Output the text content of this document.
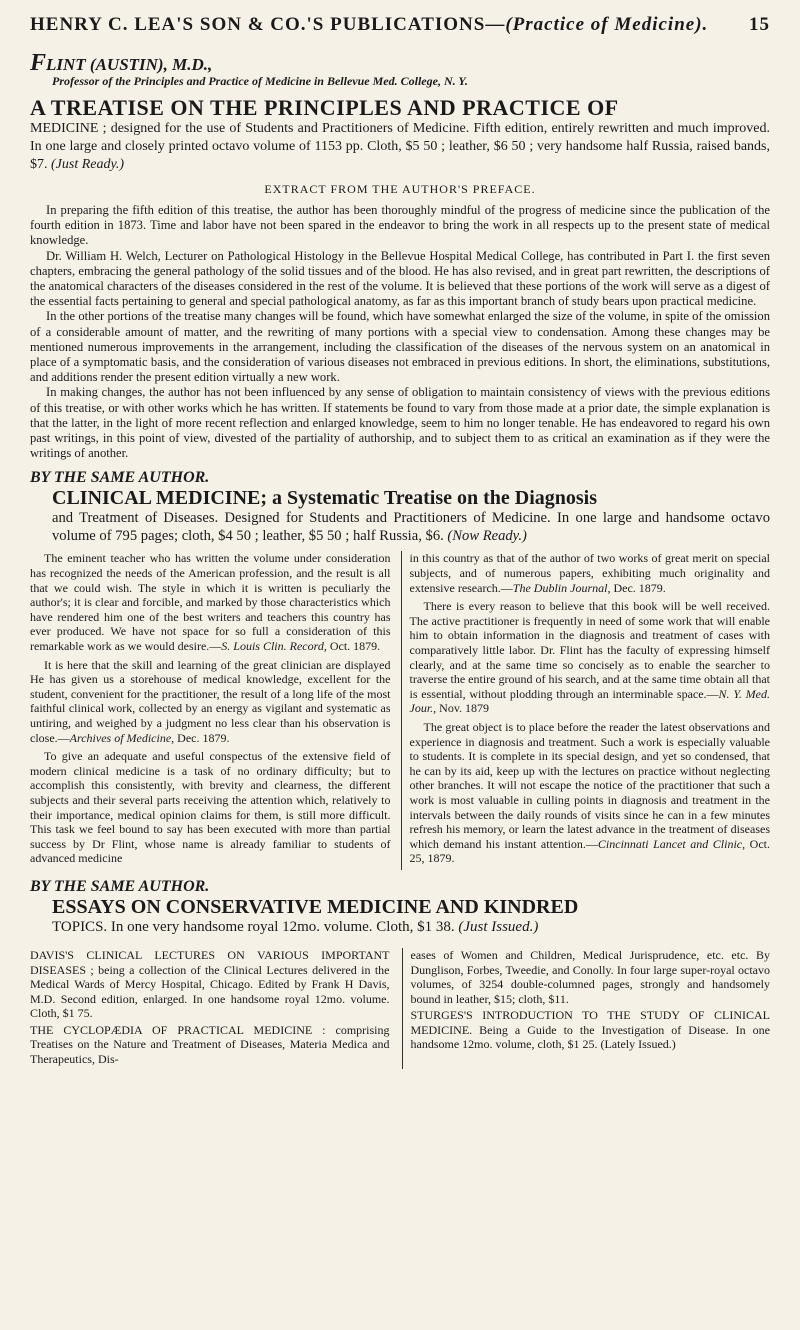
HENRY C. LEA'S SON & CO.'S PUBLICATIONS—(Practice of Medicine). 15

FLINT (AUSTIN), M.D.,

Professor of the Principles and Practice of Medicine in Bellevue Med. College, N. Y.

A TREATISE ON THE PRINCIPLES AND PRACTICE OF

MEDICINE ; designed for the use of Students and Practitioners of Medicine. Fifth edition, entirely rewritten and much improved. In one large and closely printed octavo volume of 1153 pp. Cloth, $5 50 ; leather, $6 50 ; very handsome half Russia, raised bands, $7. (Just Ready.)

EXTRACT FROM THE AUTHOR'S PREFACE.

In preparing the fifth edition of this treatise, the author has been thoroughly mindful of the progress of medicine since the publication of the fourth edition in 1873. Time and labor have not been spared in the endeavor to bring the work in all respects up to the present state of medical knowledge.

Dr. William H. Welch, Lecturer on Pathological Histology in the Bellevue Hospital Medical College, has contributed in Part I. the first seven chapters, embracing the general pathology of the solid tissues and of the blood. He has also revised, and in great part rewritten, the descriptions of the anatomical characters of the diseases considered in the rest of the volume. It is believed that these portions of the work will serve as a digest of the essential facts pertaining to general and special pathological anatomy, as far as this important branch of study bears upon practical medicine.

In the other portions of the treatise many changes will be found, which have somewhat enlarged the size of the volume, in spite of the omission of a considerable amount of matter, and the rewriting of many portions with a special view to condensation. Among these changes may be mentioned numerous improvements in the arrangement, including the classification of the diseases of the nervous system on an anatomical in place of a symptomatic basis, and the consideration of various diseases not embraced in previous editions. In short, the eliminations, substitutions, and additions render the present edition virtually a new work.

In making changes, the author has not been influenced by any sense of obligation to maintain consistency of views with the previous editions of this treatise, or with other works which he has written. If statements be found to vary from those made at a prior date, the simple explanation is that the latter, in the light of more recent reflection and enlarged knowledge, seem to him no longer tenable. He has endeavored to regard his own past writings, in this point of view, divested of the partiality of authorship, and to subject them to as critical an examination as if they were the writings of another.

BY THE SAME AUTHOR.

CLINICAL MEDICINE; a Systematic Treatise on the Diagnosis

and Treatment of Diseases. Designed for Students and Practitioners of Medicine. In one large and handsome octavo volume of 795 pages; cloth, $4 50 ; leather, $5 50 ; half Russia, $6. (Now Ready.)

The eminent teacher who has written the volume under consideration has recognized the needs of the American profession, and the result is all that we could wish. The style in which it is written is peculiarly the author's; it is clear and forcible, and marked by those characteristics which have rendered him one of the best writers and teachers this country has ever produced. We have not space for so full a consideration of this remarkable work as we would desire.—S. Louis Clin. Record, Oct. 1879.

It is here that the skill and learning of the great clinician are displayed He has given us a storehouse of medical knowledge, excellent for the student, convenient for the practitioner, the result of a long life of the most faithful clinical work, collected by an energy as vigilant and systematic as untiring, and weighed by a judgment no less clear than his observation is close.—Archives of Medicine, Dec. 1879.

To give an adequate and useful conspectus of the extensive field of modern clinical medicine is a task of no ordinary difficulty; but to accomplish this consistently, with brevity and clearness, the different subjects and their several parts receiving the attention which, relatively to their importance, medical opinion claims for them, is still more difficult. This task we feel bound to say has been executed with more than partial success by Dr Flint, whose name is already familiar to students of advanced medicine

in this country as that of the author of two works of great merit on special subjects, and of numerous papers, exhibiting much originality and extensive research.—The Dublin Journal, Dec. 1879.

There is every reason to believe that this book will be well received. The active practitioner is frequently in need of some work that will enable him to obtain information in the diagnosis and treatment of cases with comparatively little labor. Dr. Flint has the faculty of expressing himself clearly, and at the same time so concisely as to enable the searcher to traverse the entire ground of his search, and at the same time obtain all that is essential, without plodding through an interminable space.—N. Y. Med. Jour., Nov. 1879

The great object is to place before the reader the latest observations and experience in diagnosis and treatment. Such a work is especially valuable to students. It is complete in its special design, and yet so condensed, that he can by its aid, keep up with the lectures on practice without neglecting other branches. It will not escape the notice of the practitioner that such a work is most valuable in culling points in diagnosis and treatment in the intervals between the daily rounds of visits since he can in a few minutes refresh his memory, or learn the latest advance in the treatment of diseases which demand his instant attention.—Cincinnati Lancet and Clinic, Oct. 25, 1879.

BY THE SAME AUTHOR.

ESSAYS ON CONSERVATIVE MEDICINE AND KINDRED

TOPICS. In one very handsome royal 12mo. volume. Cloth, $1 38. (Just Issued.)

DAVIS'S CLINICAL LECTURES ON VARIOUS IMPORTANT DISEASES ; being a collection of the Clinical Lectures delivered in the Medical Wards of Mercy Hospital, Chicago. Edited by Frank H Davis, M.D. Second edition, enlarged. In one handsome royal 12mo. volume. Cloth, $1 75.

THE CYCLOPÆDIA OF PRACTICAL MEDICINE : comprising Treatises on the Nature and Treatment of Diseases, Materia Medica and Therapeutics, Dis-

eases of Women and Children, Medical Jurisprudence, etc. etc. By Dunglison, Forbes, Tweedie, and Conolly. In four large super-royal octavo volumes, of 3254 double-columned pages, strongly and handsomely bound in leather, $15; cloth, $11.

STURGES'S INTRODUCTION TO THE STUDY OF CLINICAL MEDICINE. Being a Guide to the Investigation of Disease. In one handsome 12mo. volume, cloth, $1 25. (Lately Issued.)
